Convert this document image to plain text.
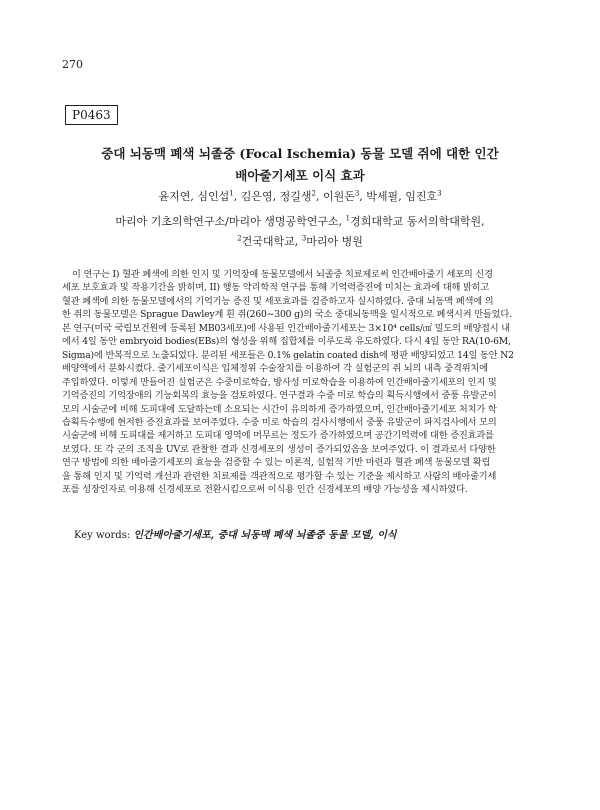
270
P0463
중대 뇌동맥 폐색 뇌졸중 (Focal Ischemia) 동물 모델 쥐에 대한 인간
배아줄기세포 이식 효과
윤지연, 심인섭$^1$, 김은영, 정길생$^2$, 이원돈$^3$, 박세필, 임진호$^3$
마리아 기초의학연구소/마리아 생명공학연구소, $^1$경희대학교 동서의학대학원,
$^2$건국대학교, $^3$마리아 병원
이 연구는 I) 혈관 폐색에 의한 인지 및 기억장애 동물모델에서 뇌졸중 치료제로써 인간배아줄기 세포의 신경
세포 보호효과 및 작용기간을 밝히며, II) 행동 약리학적 연구를 통해 기억력증진에 미치는 효과에 대해 밝히고
혈관 폐색에 의한 동물모델에서의 기억기능 증진 및 세포효과를 검증하고자 실시하였다. 중대 뇌동맥 폐색에 의
한 쥐의 동물모델은 Sprague Dawley계 흰 쥐(260∼300 g)의 국소 중대뇌동맥을 일시적으로 폐색시켜 만들었다.
본 연구(미국 국립보건원에 등록된 MB03세포)에 사용된 인간배아줄기세포는 3×10⁴ cells/㎠ 밀도의 배양접시 내
에서 4일 동안 embryoid bodies(EBs)의 형성을 위해 집합체를 이루도록 유도하였다. 다시 4일 동안 RA(10-6M,
Sigma)에 반복적으로 노출되었다. 분리된 세포들은 0.1% gelatin coated dish에 평판 배양되었고 14일 동안 N2
배양액에서 분화시켰다. 줄기세포이식은 입체정위 수술장치를 이용하여 각 실험군의 쥐 뇌의 내측 중격위치에
주입하였다. 이렇게 만들어진 실험군은 수중미로학습, 방사성 미로학습을 이용하여 인간배아줄기세포의 인지 및
기억증진의 기억장애의 기능회복의 효능을 검토하였다. 연구결과 수중 미로 학습의 획득시행에서 중풍 유발군이
모의 시술군에 비해 도피대에 도달하는데 소요되는 시간이 유의하게 증가하였으며, 인간배아줄기세포 처치가 학
습획득수행에 현저한 증진효과를 보여주었다. 수중 미로 학습의 검사시행에서 중풍 유발군이 파지검사에서 모의
시술군에 비해 도피대를 제거하고 도피대 영역에 머무르는 정도가 증가하였으며 공간기억력에 대한 증진효과를
보였다. 또 각 군의 조직을 UV로 관찰한 결과 신경세포의 생성이 증가되었음을 보여주었다. 이 결과로서 다양한
연구 방법에 의한 배아줄기세포의 효능을 검증할 수 있는 이론적, 실험적 기반 마련과 혈관 폐색 동물모델 확립
을 통해 인지 및 기억력 개선과 관련한 치료제를 객관적으로 평가할 수 있는 기준을 제시하고 사람의 배아줄기세
포를 성장인자로 이용해 신경세포로 전환시킴으로써 이식용 인간 신경세포의 배양 가능성을 제시하였다.
Key words: 인간배아줄기세포, 중대 뇌동맥 폐색 뇌졸중 동물 모델, 이식
